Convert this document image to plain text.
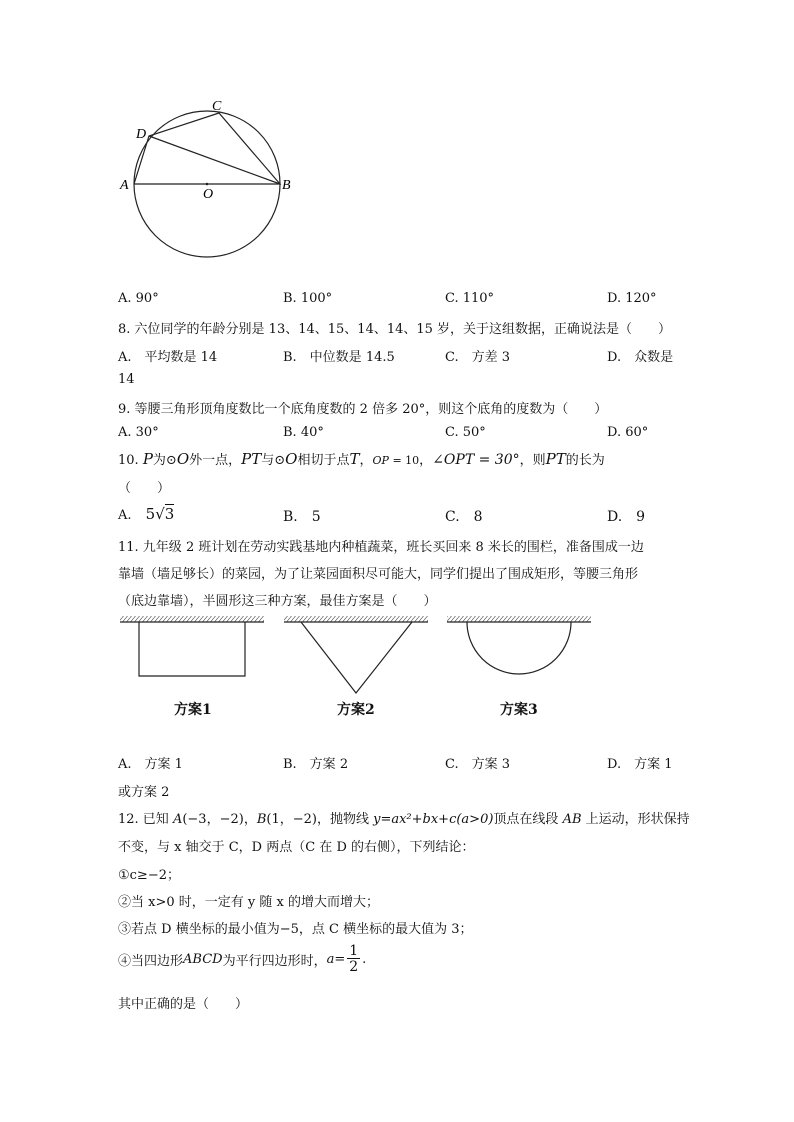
A
D
C
B
O
A. 90°	B. 100°	C. 110°	D. 120°
8. 六位同学的年龄分别是 13、14、15、14、14、15 岁，关于这组数据，正确说法是（　　）
A.　平均数是 14	B.　中位数是 14.5	C.　方差 3	D.　众数是
14
9. 等腰三角形顶角度数比一个底角度数的 2 倍多 20°，则这个底角的度数为（　　）
A. 30°	B. 40°	C. 50°	D. 60°
10. P为⊙O外一点，PT与⊙O相切于点T，OP = 10，∠OPT = 30°，则PT的长为
（　　）
A. 5√3	B.　5	C.　8	D.　9
11. 九年级 2 班计划在劳动实践基地内种植蔬菜，班长买回来 8 米长的围栏，准备围成一边
靠墙（墙足够长）的菜园，为了让菜园面积尽可能大，同学们提出了围成矩形，等腰三角形
（底边靠墙），半圆形这三种方案，最佳方案是（　　）
方案1	方案2	方案3
A.　方案 1	B.　方案 2	C.　方案 3	D.　方案 1
或方案 2
12. 已知 A(−3，−2)，B(1，−2)，抛物线 y=ax²+bx+c(a>0)顶点在线段 AB 上运动，形状保持
不变，与 x 轴交于 C，D 两点（C 在 D 的右侧），下列结论：
①c≥−2；
②当 x>0 时，一定有 y 随 x 的增大而增大；
③若点 D 横坐标的最小值为−5，点 C 横坐标的最大值为 3；
④当四边形 ABCD 为平行四边形时， $a= \frac{1}{2}$ .
其中正确的是（　　）
